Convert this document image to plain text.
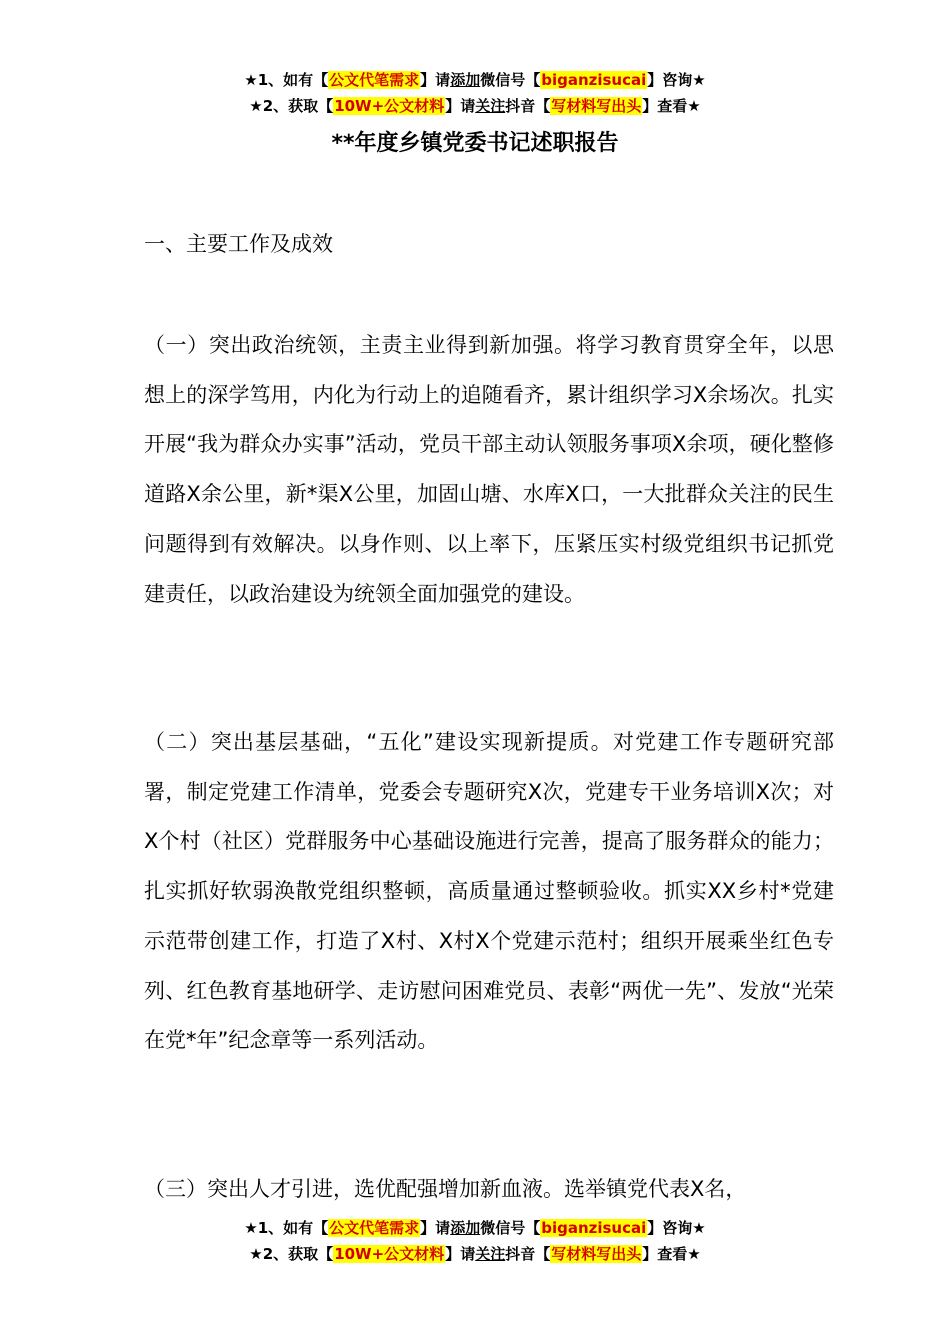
★1、如有【公文代笔需求】请添加微信号【biganzisucai】咨询★
★2、获取【10W+公文材料】请关注抖音【写材料写出头】查看★
**年度乡镇党委书记述职报告
一、主要工作及成效

（一）突出政治统领，主责主业得到新加强。将学习教育贯穿全年，以思想上的深学笃用，内化为行动上的追随看齐，累计组织学习X余场次。扎实开展“我为群众办实事”活动，党员干部主动认领服务事项X余项，硬化整修道路X余公里，新*渠X公里，加固山塘、水库X口，一大批群众关注的民生问题得到有效解决。以身作则、以上率下，压紧压实村级党组织书记抓党建责任，以政治建设为统领全面加强党的建设。

（二）突出基层基础，“五化”建设实现新提质。对党建工作专题研究部署，制定党建工作清单，党委会专题研究X次，党建专干业务培训X次；对X个村（社区）党群服务中心基础设施进行完善，提高了服务群众的能力；扎实抓好软弱涣散党组织整顿，高质量通过整顿验收。抓实XX乡村*党建示范带创建工作，打造了X村、X村X个党建示范村；组织开展乘坐红色专列、红色教育基地研学、走访慰问困难党员、表彰“两优一先”、发放“光荣在党*年”纪念章等一系列活动。

（三）突出人才引进，选优配强增加新血液。选举镇党代表X名，

★1、如有【公文代笔需求】请添加微信号【biganzisucai】咨询★
★2、获取【10W+公文材料】请关注抖音【写材料写出头】查看★
